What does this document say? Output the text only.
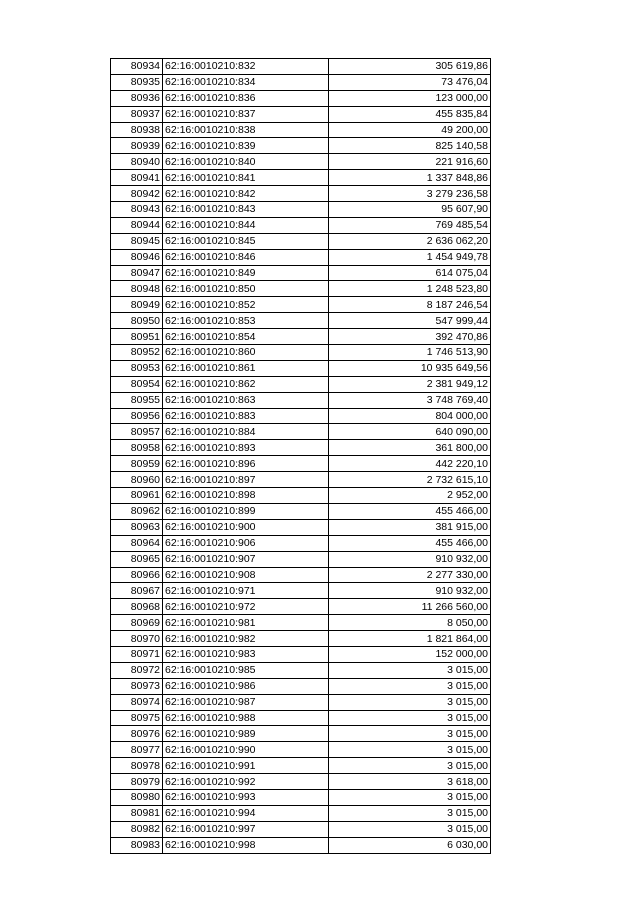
80934	62:16:0010210:832	305 619,86
80935	62:16:0010210:834	73 476,04
80936	62:16:0010210:836	123 000,00
80937	62:16:0010210:837	455 835,84
80938	62:16:0010210:838	49 200,00
80939	62:16:0010210:839	825 140,58
80940	62:16:0010210:840	221 916,60
80941	62:16:0010210:841	1 337 848,86
80942	62:16:0010210:842	3 279 236,58
80943	62:16:0010210:843	95 607,90
80944	62:16:0010210:844	769 485,54
80945	62:16:0010210:845	2 636 062,20
80946	62:16:0010210:846	1 454 949,78
80947	62:16:0010210:849	614 075,04
80948	62:16:0010210:850	1 248 523,80
80949	62:16:0010210:852	8 187 246,54
80950	62:16:0010210:853	547 999,44
80951	62:16:0010210:854	392 470,86
80952	62:16:0010210:860	1 746 513,90
80953	62:16:0010210:861	10 935 649,56
80954	62:16:0010210:862	2 381 949,12
80955	62:16:0010210:863	3 748 769,40
80956	62:16:0010210:883	804 000,00
80957	62:16:0010210:884	640 090,00
80958	62:16:0010210:893	361 800,00
80959	62:16:0010210:896	442 220,10
80960	62:16:0010210:897	2 732 615,10
80961	62:16:0010210:898	2 952,00
80962	62:16:0010210:899	455 466,00
80963	62:16:0010210:900	381 915,00
80964	62:16:0010210:906	455 466,00
80965	62:16:0010210:907	910 932,00
80966	62:16:0010210:908	2 277 330,00
80967	62:16:0010210:971	910 932,00
80968	62:16:0010210:972	11 266 560,00
80969	62:16:0010210:981	8 050,00
80970	62:16:0010210:982	1 821 864,00
80971	62:16:0010210:983	152 000,00
80972	62:16:0010210:985	3 015,00
80973	62:16:0010210:986	3 015,00
80974	62:16:0010210:987	3 015,00
80975	62:16:0010210:988	3 015,00
80976	62:16:0010210:989	3 015,00
80977	62:16:0010210:990	3 015,00
80978	62:16:0010210:991	3 015,00
80979	62:16:0010210:992	3 618,00
80980	62:16:0010210:993	3 015,00
80981	62:16:0010210:994	3 015,00
80982	62:16:0010210:997	3 015,00
80983	62:16:0010210:998	6 030,00
